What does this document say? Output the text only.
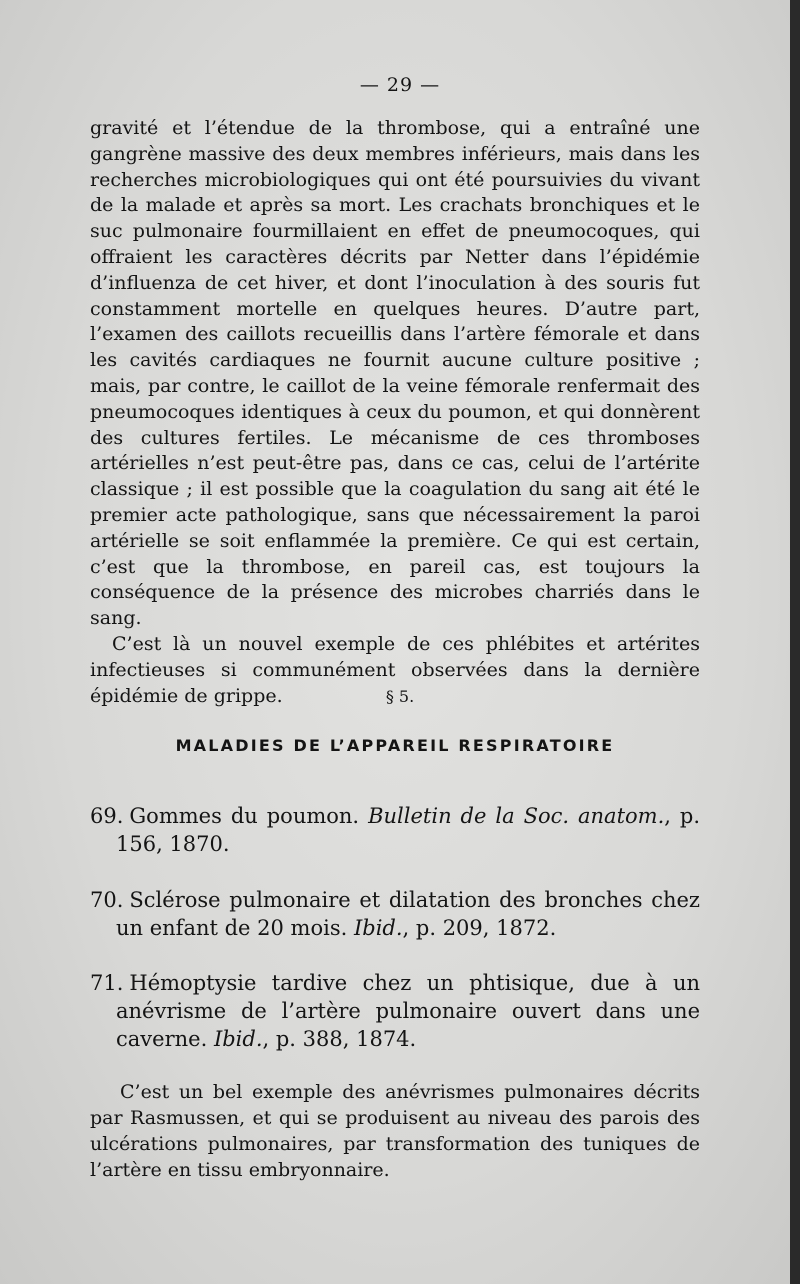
— 29 —

gravité et l’étendue de la thrombose, qui a entraîné une gangrène massive des deux membres inférieurs, mais dans les recherches microbiologiques qui ont été poursuivies du vivant de la malade et après sa mort. Les crachats bronchiques et le suc pulmonaire fourmillaient en effet de pneumocoques, qui offraient les caractères décrits par Netter dans l’épidémie d’influenza de cet hiver, et dont l’inoculation à des souris fut constamment mortelle en quelques heures. D’autre part, l’examen des caillots recueillis dans l’artère fémorale et dans les cavités cardiaques ne fournit aucune culture positive ; mais, par contre, le caillot de la veine fémorale renfermait des pneumocoques identiques à ceux du poumon, et qui donnèrent des cultures fertiles. Le mécanisme de ces thromboses artérielles n’est peut-être pas, dans ce cas, celui de l’artérite classique ; il est possible que la coagulation du sang ait été le premier acte pathologique, sans que nécessairement la paroi artérielle se soit enflammée la première. Ce qui est certain, c’est que la thrombose, en pareil cas, est toujours la conséquence de la présence des microbes charriés dans le sang.

C’est là un nouvel exemple de ces phlébites et artérites infectieuses si communément observées dans la dernière épidémie de grippe.	§ 5.
MALADIES DE L’APPAREIL RESPIRATOIRE

69. Gommes du poumon. Bulletin de la Soc. anatom., p. 156, 1870.

70. Sclérose pulmonaire et dilatation des bronches chez un enfant de 20 mois. Ibid., p. 209, 1872.

71. Hémoptysie tardive chez un phtisique, due à un anévrisme de l’artère pulmonaire ouvert dans une caverne. Ibid., p. 388, 1874.

C’est un bel exemple des anévrismes pulmonaires décrits par Rasmussen, et qui se produisent au niveau des parois des ulcérations pulmonaires, par transformation des tuniques de l’artère en tissu embryonnaire.
